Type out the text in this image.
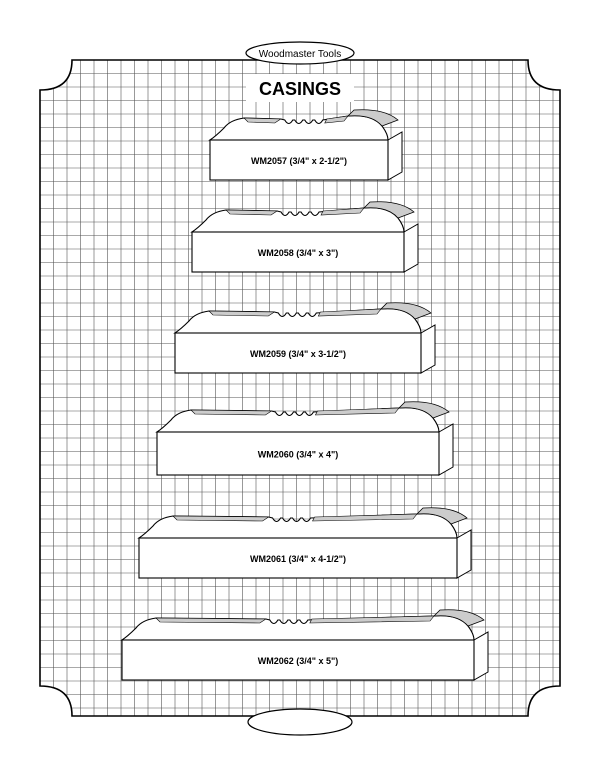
Woodmaster Tools
CASINGS
WM2057 (3/4" x 2-1/2")
WM2058 (3/4" x 3")
WM2059 (3/4" x 3-1/2")
WM2060 (3/4" x 4")
WM2061 (3/4" x 4-1/2")
WM2062 (3/4" x 5")
